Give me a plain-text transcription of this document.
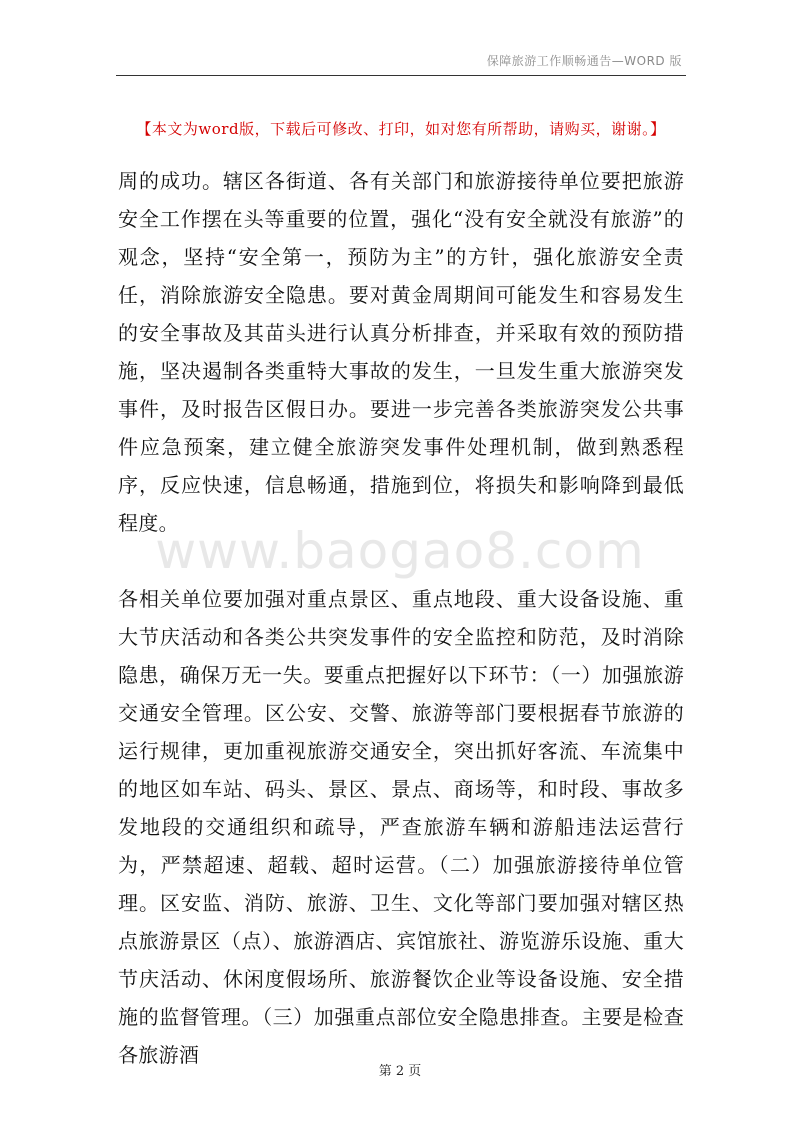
保障旅游工作顺畅通告—WORD 版
【本文为word版，下载后可修改、打印，如对您有所帮助，请购买，谢谢。】
www.baogao8.com

周的成功。辖区各街道、各有关部门和旅游接待单位要把旅游安全工作摆在头等重要的位置，强化“没有安全就没有旅游”的观念，坚持“安全第一，预防为主”的方针，强化旅游安全责任，消除旅游安全隐患。要对黄金周期间可能发生和容易发生的安全事故及其苗头进行认真分析排查，并采取有效的预防措施，坚决遏制各类重特大事故的发生，一旦发生重大旅游突发事件，及时报告区假日办。要进一步完善各类旅游突发公共事件应急预案，建立健全旅游突发事件处理机制，做到熟悉程序，反应快速，信息畅通，措施到位，将损失和影响降到最低程度。

各相关单位要加强对重点景区、重点地段、重大设备设施、重大节庆活动和各类公共突发事件的安全监控和防范，及时消除隐患，确保万无一失。要重点把握好以下环节：（一）加强旅游交通安全管理。区公安、交警、旅游等部门要根据春节旅游的运行规律，更加重视旅游交通安全，突出抓好客流、车流集中的地区如车站、码头、景区、景点、商场等，和时段、事故多发地段的交通组织和疏导，严查旅游车辆和游船违法运营行为，严禁超速、超载、超时运营。（二）加强旅游接待单位管理。区安监、消防、旅游、卫生、文化等部门要加强对辖区热点旅游景区（点）、旅游酒店、宾馆旅社、游览游乐设施、重大节庆活动、休闲度假场所、旅游餐饮企业等设备设施、安全措施的监督管理。（三）加强重点部位安全隐患排查。主要是检查各旅游酒

第 2 页
